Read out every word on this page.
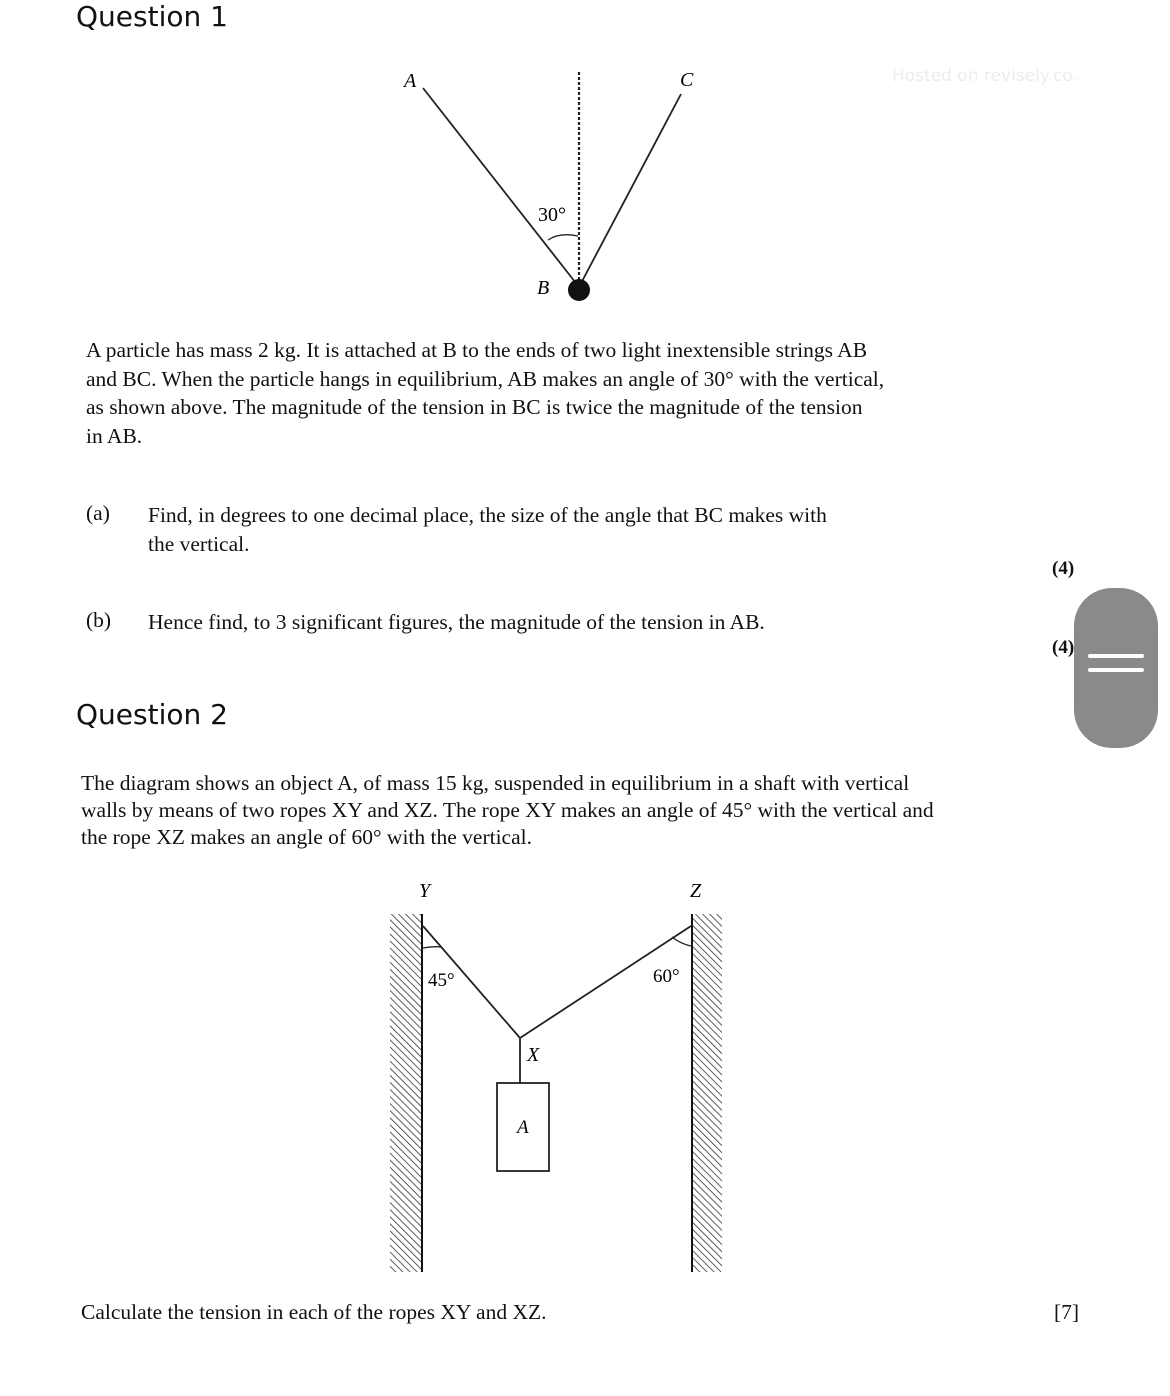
Hosted on revisely.co.
Question 1
A	C
B
30°
A particle has mass 2 kg. It is attached at B to the ends of two light inextensible strings AB
and BC. When the particle hangs in equilibrium, AB makes an angle of 30° with the vertical,
as shown above. The magnitude of the tension in BC is twice the magnitude of the tension
in AB.
(a) Find, in degrees to one decimal place, the size of the angle that BC makes with
the vertical.
(4)
(b) Hence find, to 3 significant figures, the magnitude of the tension in AB.
(4)
Question 2
The diagram shows an object A, of mass 15 kg, suspended in equilibrium in a shaft with vertical
walls by means of two ropes XY and XZ. The rope XY makes an angle of 45° with the vertical and
the rope XZ makes an angle of 60° with the vertical.
Y	Z
X
A
45°	60°
Calculate the tension in each of the ropes XY and XZ.	[7]
